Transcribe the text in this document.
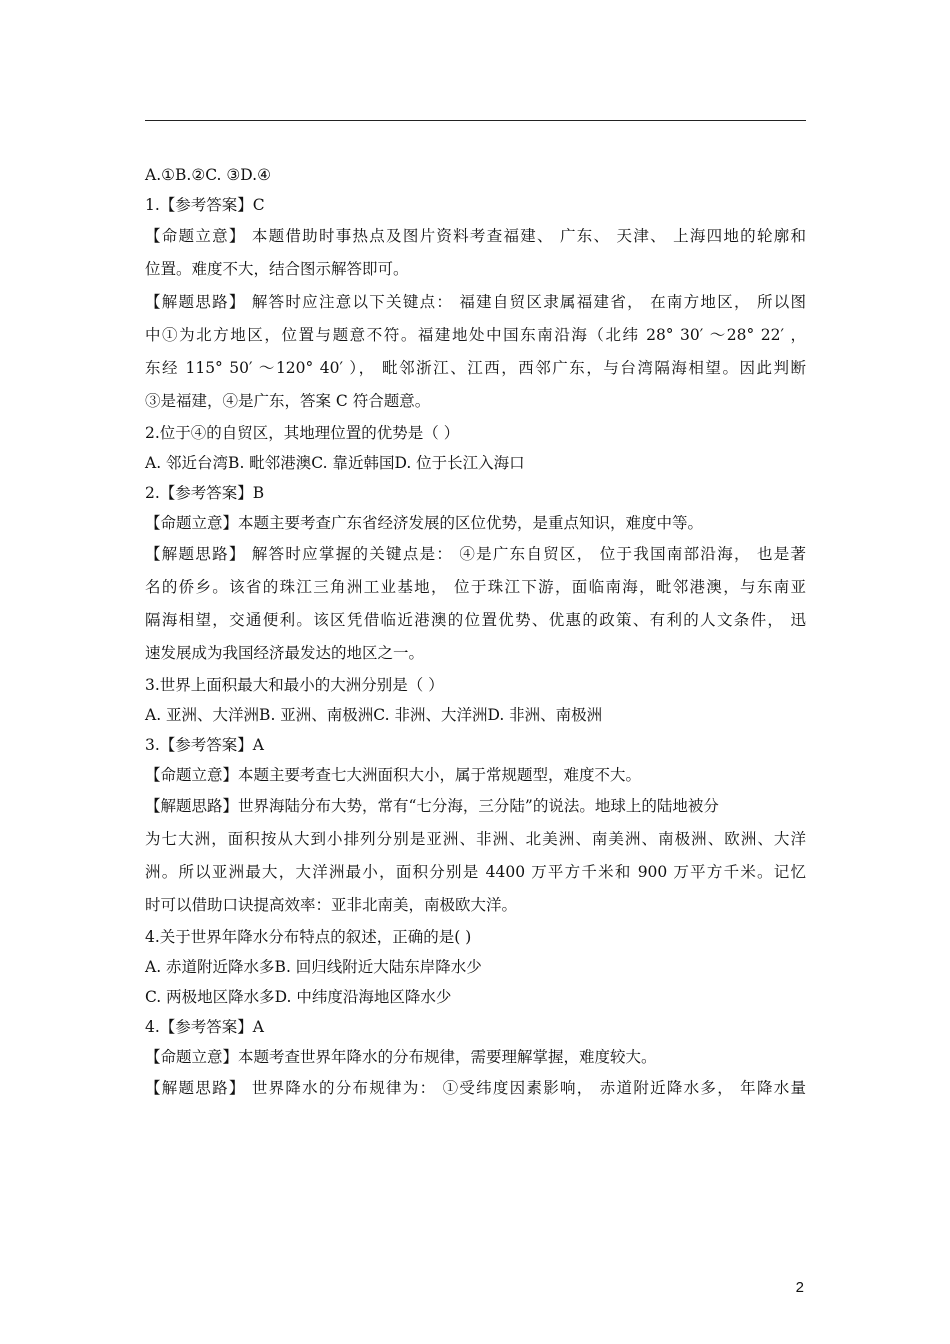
A.①B.②C. ③D.④
1.【参考答案】C
【命题立意】 本题借助时事热点及图片资料考查福建、 广东、 天津、 上海四地的轮廓和
位置。难度不大，结合图示解答即可。
【解题思路】 解答时应注意以下关键点： 福建自贸区隶属福建省， 在南方地区， 所以图
中①为北方地区，位置与题意不符。福建地处中国东南沿海（北纬 28° 30′ ～28° 22′ ，
东经 115° 50′ ～120° 40′ ）， 毗邻浙江、江西，西邻广东，与台湾隔海相望。因此判断
③是福建，④是广东，答案 C 符合题意。
2.位于④的自贸区，其地理位置的优势是（ ）
A. 邻近台湾B. 毗邻港澳C. 靠近韩国D. 位于长江入海口
2.【参考答案】B
【命题立意】本题主要考查广东省经济发展的区位优势，是重点知识，难度中等。
【解题思路】 解答时应掌握的关键点是： ④是广东自贸区， 位于我国南部沿海， 也是著
名的侨乡。该省的珠江三角洲工业基地， 位于珠江下游，面临南海，毗邻港澳，与东南亚
隔海相望，交通便利。该区凭借临近港澳的位置优势、优惠的政策、有利的人文条件， 迅
速发展成为我国经济最发达的地区之一。
3.世界上面积最大和最小的大洲分别是（ ）
A. 亚洲、大洋洲B. 亚洲、南极洲C. 非洲、大洋洲D. 非洲、南极洲
3.【参考答案】A
【命题立意】本题主要考查七大洲面积大小，属于常规题型，难度不大。
【解题思路】世界海陆分布大势，常有“七分海，三分陆”的说法。地球上的陆地被分
为七大洲，面积按从大到小排列分别是亚洲、非洲、北美洲、南美洲、南极洲、欧洲、大洋
洲。所以亚洲最大，大洋洲最小，面积分别是 4400 万平方千米和 900 万平方千米。记忆
时可以借助口诀提高效率：亚非北南美，南极欧大洋。
4.关于世界年降水分布特点的叙述，正确的是( )
A. 赤道附近降水多B. 回归线附近大陆东岸降水少
C. 两极地区降水多D. 中纬度沿海地区降水少
4.【参考答案】A
【命题立意】本题考查世界年降水的分布规律，需要理解掌握，难度较大。
【解题思路】 世界降水的分布规律为： ①受纬度因素影响， 赤道附近降水多， 年降水量
2
